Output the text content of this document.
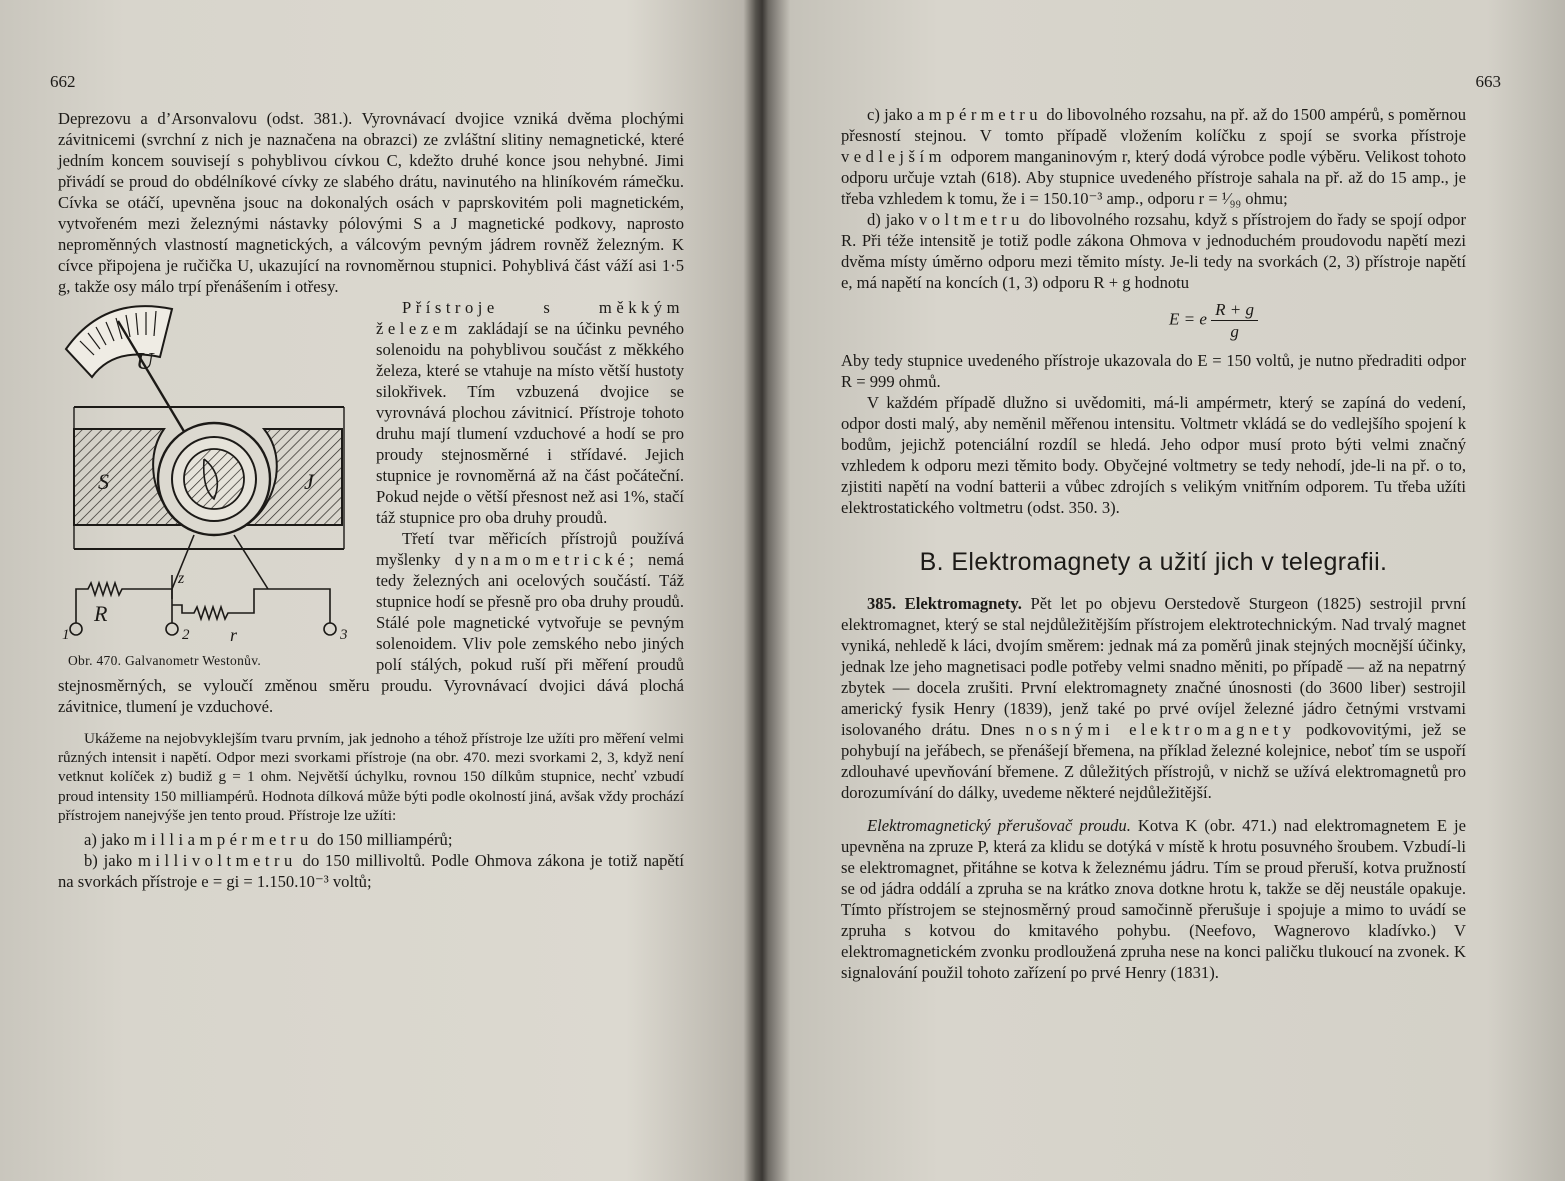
662

Deprezovu a d’Arsonvalovu (odst. 381.). Vyrovnávací dvojice vzniká dvěma plochými závitnicemi (svrchní z nich je naznačena na obrazci) ze zvláštní slitiny nemagnetické, které jedním koncem souvisejí s pohyblivou cívkou C, kdežto druhé konce jsou nehybné. Jimi přivádí se proud do obdélníkové cívky ze slabého drátu, navinutého na hliníkovém rámečku. Cívka se otáčí, upevněna jsouc na dokonalých osách v paprskovitém poli magnetickém, vytvořeném mezi železnými nástavky pólovými S a J magnetické podkovy, naprosto neproměnných vlastností magnetických, a válcovým pevným jádrem rovněž železným. K cívce připojena je ručička U, ukazující na rovnoměrnou stupnici. Pohyblivá část váží asi 1·5 g, takže osy málo trpí přenášením i otřesy.

U
S	J
R
z
r
1	2	3
Obr. 470. Galvanometr Westonův.

Přístroje s měkkým železem zakládají se na účinku pevného solenoidu na pohyblivou součást z měkkého železa, které se vtahuje na místo větší hustoty silokřivek. Tím vzbuzená dvojice se vyrovnává plochou závitnicí. Přístroje tohoto druhu mají tlumení vzduchové a hodí se pro proudy stejnosměrné i střídavé. Jejich stupnice je rovnoměrná až na část počáteční. Pokud nejde o větší přesnost než asi 1%, stačí táž stupnice pro oba druhy proudů.

Třetí tvar měřicích přístrojů používá myšlenky dynamometrické; nemá tedy železných ani ocelových součástí. Táž stupnice hodí se přesně pro oba druhy proudů. Stálé pole magnetické vytvořuje se pevným solenoidem. Vliv pole zemského nebo jiných polí stálých, pokud ruší při měření proudů stejnosměrných, se vyloučí změnou směru proudu. Vyrovnávací dvojici dává plochá závitnice, tlumení je vzduchové.

Ukážeme na nejobvyklejším tvaru prvním, jak jednoho a téhož přístroje lze užíti pro měření velmi různých intensit i napětí. Odpor mezi svorkami přístroje (na obr. 470. mezi svorkami 2, 3, když není vetknut kolíček z) budiž g = 1 ohm. Největší úchylku, rovnou 150 dílkům stupnice, nechť vzbudí proud intensity 150 milliampérů. Hodnota dílková může býti podle okolností jiná, avšak vždy prochází přístrojem nanejvýše jen tento proud. Přístroje lze užíti:

a) jako milliampérmetru do 150 milliampérů;

b) jako millivoltmetru do 150 millivoltů. Podle Ohmova zákona je totiž napětí na svorkách přístroje e = gi = 1.150.10⁻³ voltů;

663

c) jako ampérmetru do libovolného rozsahu, na př. až do 1500 ampérů, s poměrnou přesností stejnou. V tomto případě vložením kolíčku z spojí se svorka přístroje vedlejším odporem manganinovým r, který dodá výrobce podle výběru. Velikost tohoto odporu určuje vztah (618). Aby stupnice uvedeného přístroje sahala na př. až do 15 amp., je třeba vzhledem k tomu, že i = 150.10⁻³ amp., odporu r = ¹⁄₉₉ ohmu;

d) jako voltmetru do libovolného rozsahu, když s přístrojem do řady se spojí odpor R. Při téže intensitě je totiž podle zákona Ohmova v jednoduchém proudovodu napětí mezi dvěma místy úměrno odporu mezi těmito místy. Je-li tedy na svorkách (2, 3) přístroje napětí e, má napětí na koncích (1, 3) odporu R + g hodnotu

E = e $\frac{R + g}{g}$

Aby tedy stupnice uvedeného přístroje ukazovala do E = 150 voltů, je nutno předraditi odpor R = 999 ohmů.

V každém případě dlužno si uvědomiti, má-li ampérmetr, který se zapíná do vedení, odpor dosti malý, aby neměnil měřenou intensitu. Voltmetr vkládá se do vedlejšího spojení k bodům, jejichž potenciální rozdíl se hledá. Jeho odpor musí proto býti velmi značný vzhledem k odporu mezi těmito body. Obyčejné voltmetry se tedy nehodí, jde-li na př. o to, zjistiti napětí na vodní batterii a vůbec zdrojích s velikým vnitřním odporem. Tu třeba užíti elektrostatického voltmetru (odst. 350. 3).

B. Elektromagnety a užití jich v telegrafii.

385. Elektromagnety. Pět let po objevu Oerstedově Sturgeon (1825) sestrojil první elektromagnet, který se stal nejdůležitějším přístrojem elektrotechnickým. Nad trvalý magnet vyniká, nehledě k láci, dvojím směrem: jednak má za poměrů jinak stejných mocnější účinky, jednak lze jeho magnetisaci podle potřeby velmi snadno měniti, po případě — až na nepatrný zbytek — docela zrušiti. První elektromagnety značné únosnosti (do 3600 liber) sestrojil americký fysik Henry (1839), jenž také po prvé ovíjel železné jádro četnými vrstvami isolovaného drátu. Dnes nosnými elektromagnety podkovovitými, jež se pohybují na jeřábech, se přenášejí břemena, na příklad železné kolejnice, neboť tím se uspoří zdlouhavé upevňování břemene. Z důležitých přístrojů, v nichž se užívá elektromagnetů pro dorozumívání do dálky, uvedeme některé nejdůležitější.

Elektromagnetický přerušovač proudu. Kotva K (obr. 471.) nad elektromagnetem E je upevněna na zpruze P, která za klidu se dotýká v místě k hrotu posuvného šroubem. Vzbudí-li se elektromagnet, přitáhne se kotva k železnému jádru. Tím se proud přeruší, kotva pružností se od jádra oddálí a zpruha se na krátko znova dotkne hrotu k, takže se děj neustále opakuje. Tímto přístrojem se stejnosměrný proud samočinně přerušuje i spojuje a mimo to uvádí se zpruha s kotvou do kmitavého pohybu. (Neefovo, Wagnerovo kladívko.) V elektromagnetickém zvonku prodloužená zpruha nese na konci paličku tlukoucí na zvonek. K signalování použil tohoto zařízení po prvé Henry (1831).
